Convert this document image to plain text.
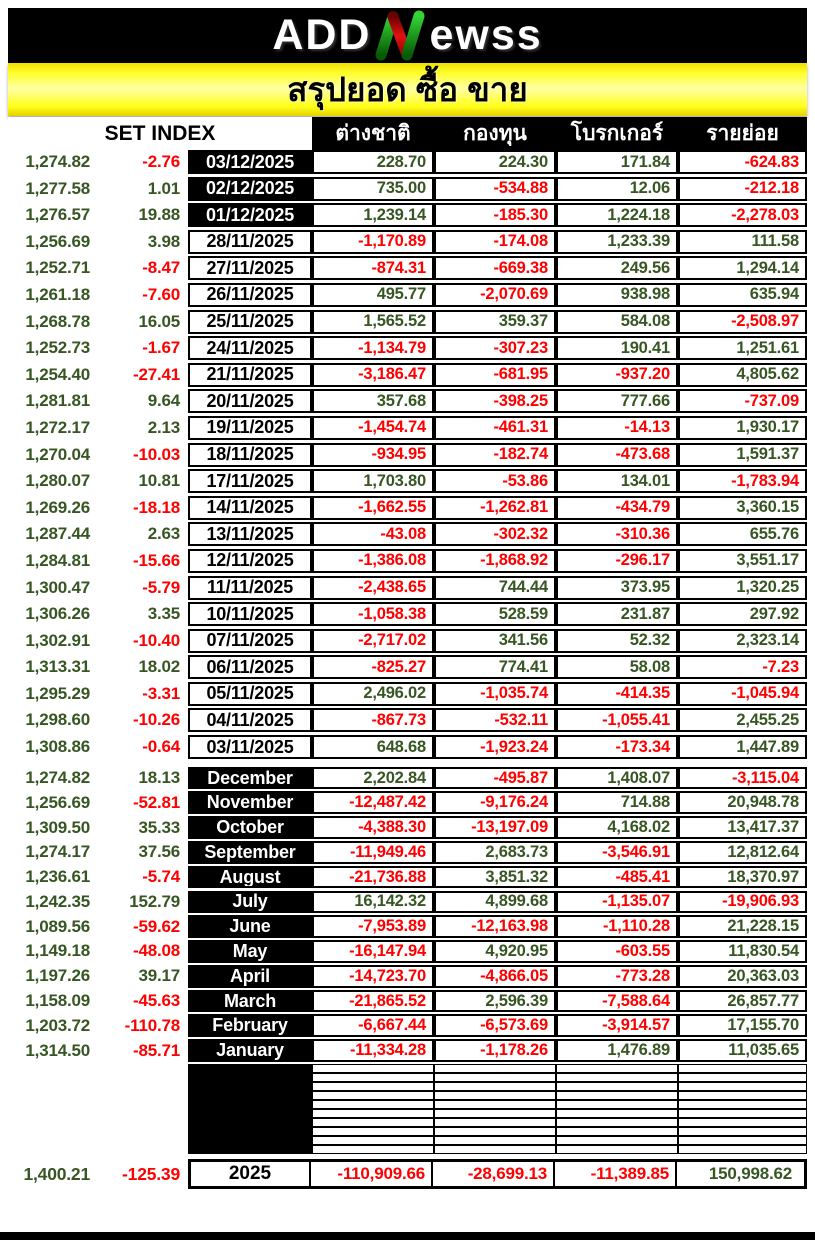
ADD ewss
สรุปยอด ซื้อ ขาย
SET INDEX	ต่างชาติ	กองทุน	โบรกเกอร์	รายย่อย
1,274.82	-2.76	03/12/2025	228.70	224.30	171.84	-624.83
1,277.58	1.01	02/12/2025	735.00	-534.88	12.06	-212.18
1,276.57	19.88	01/12/2025	1,239.14	-185.30	1,224.18	-2,278.03
1,256.69	3.98	28/11/2025	-1,170.89	-174.08	1,233.39	111.58
1,252.71	-8.47	27/11/2025	-874.31	-669.38	249.56	1,294.14
1,261.18	-7.60	26/11/2025	495.77	-2,070.69	938.98	635.94
1,268.78	16.05	25/11/2025	1,565.52	359.37	584.08	-2,508.97
1,252.73	-1.67	24/11/2025	-1,134.79	-307.23	190.41	1,251.61
1,254.40	-27.41	21/11/2025	-3,186.47	-681.95	-937.20	4,805.62
1,281.81	9.64	20/11/2025	357.68	-398.25	777.66	-737.09
1,272.17	2.13	19/11/2025	-1,454.74	-461.31	-14.13	1,930.17
1,270.04	-10.03	18/11/2025	-934.95	-182.74	-473.68	1,591.37
1,280.07	10.81	17/11/2025	1,703.80	-53.86	134.01	-1,783.94
1,269.26	-18.18	14/11/2025	-1,662.55	-1,262.81	-434.79	3,360.15
1,287.44	2.63	13/11/2025	-43.08	-302.32	-310.36	655.76
1,284.81	-15.66	12/11/2025	-1,386.08	-1,868.92	-296.17	3,551.17
1,300.47	-5.79	11/11/2025	-2,438.65	744.44	373.95	1,320.25
1,306.26	3.35	10/11/2025	-1,058.38	528.59	231.87	297.92
1,302.91	-10.40	07/11/2025	-2,717.02	341.56	52.32	2,323.14
1,313.31	18.02	06/11/2025	-825.27	774.41	58.08	-7.23
1,295.29	-3.31	05/11/2025	2,496.02	-1,035.74	-414.35	-1,045.94
1,298.60	-10.26	04/11/2025	-867.73	-532.11	-1,055.41	2,455.25
1,308.86	-0.64	03/11/2025	648.68	-1,923.24	-173.34	1,447.89
1,274.82	18.13	December	2,202.84	-495.87	1,408.07	-3,115.04
1,256.69	-52.81	November	-12,487.42	-9,176.24	714.88	20,948.78
1,309.50	35.33	October	-4,388.30	-13,197.09	4,168.02	13,417.37
1,274.17	37.56	September	-11,949.46	2,683.73	-3,546.91	12,812.64
1,236.61	-5.74	August	-21,736.88	3,851.32	-485.41	18,370.97
1,242.35	152.79	July	16,142.32	4,899.68	-1,135.07	-19,906.93
1,089.56	-59.62	June	-7,953.89	-12,163.98	-1,110.28	21,228.15
1,149.18	-48.08	May	-16,147.94	4,920.95	-603.55	11,830.54
1,197.26	39.17	April	-14,723.70	-4,866.05	-773.28	20,363.03
1,158.09	-45.63	March	-21,865.52	2,596.39	-7,588.64	26,857.77
1,203.72	-110.78	February	-6,667.44	-6,573.69	-3,914.57	17,155.70
1,314.50	-85.71	January	-11,334.28	-1,178.26	1,476.89	11,035.65
1,400.21	-125.39	2025	-110,909.66	-28,699.13	-11,389.85	150,998.62
